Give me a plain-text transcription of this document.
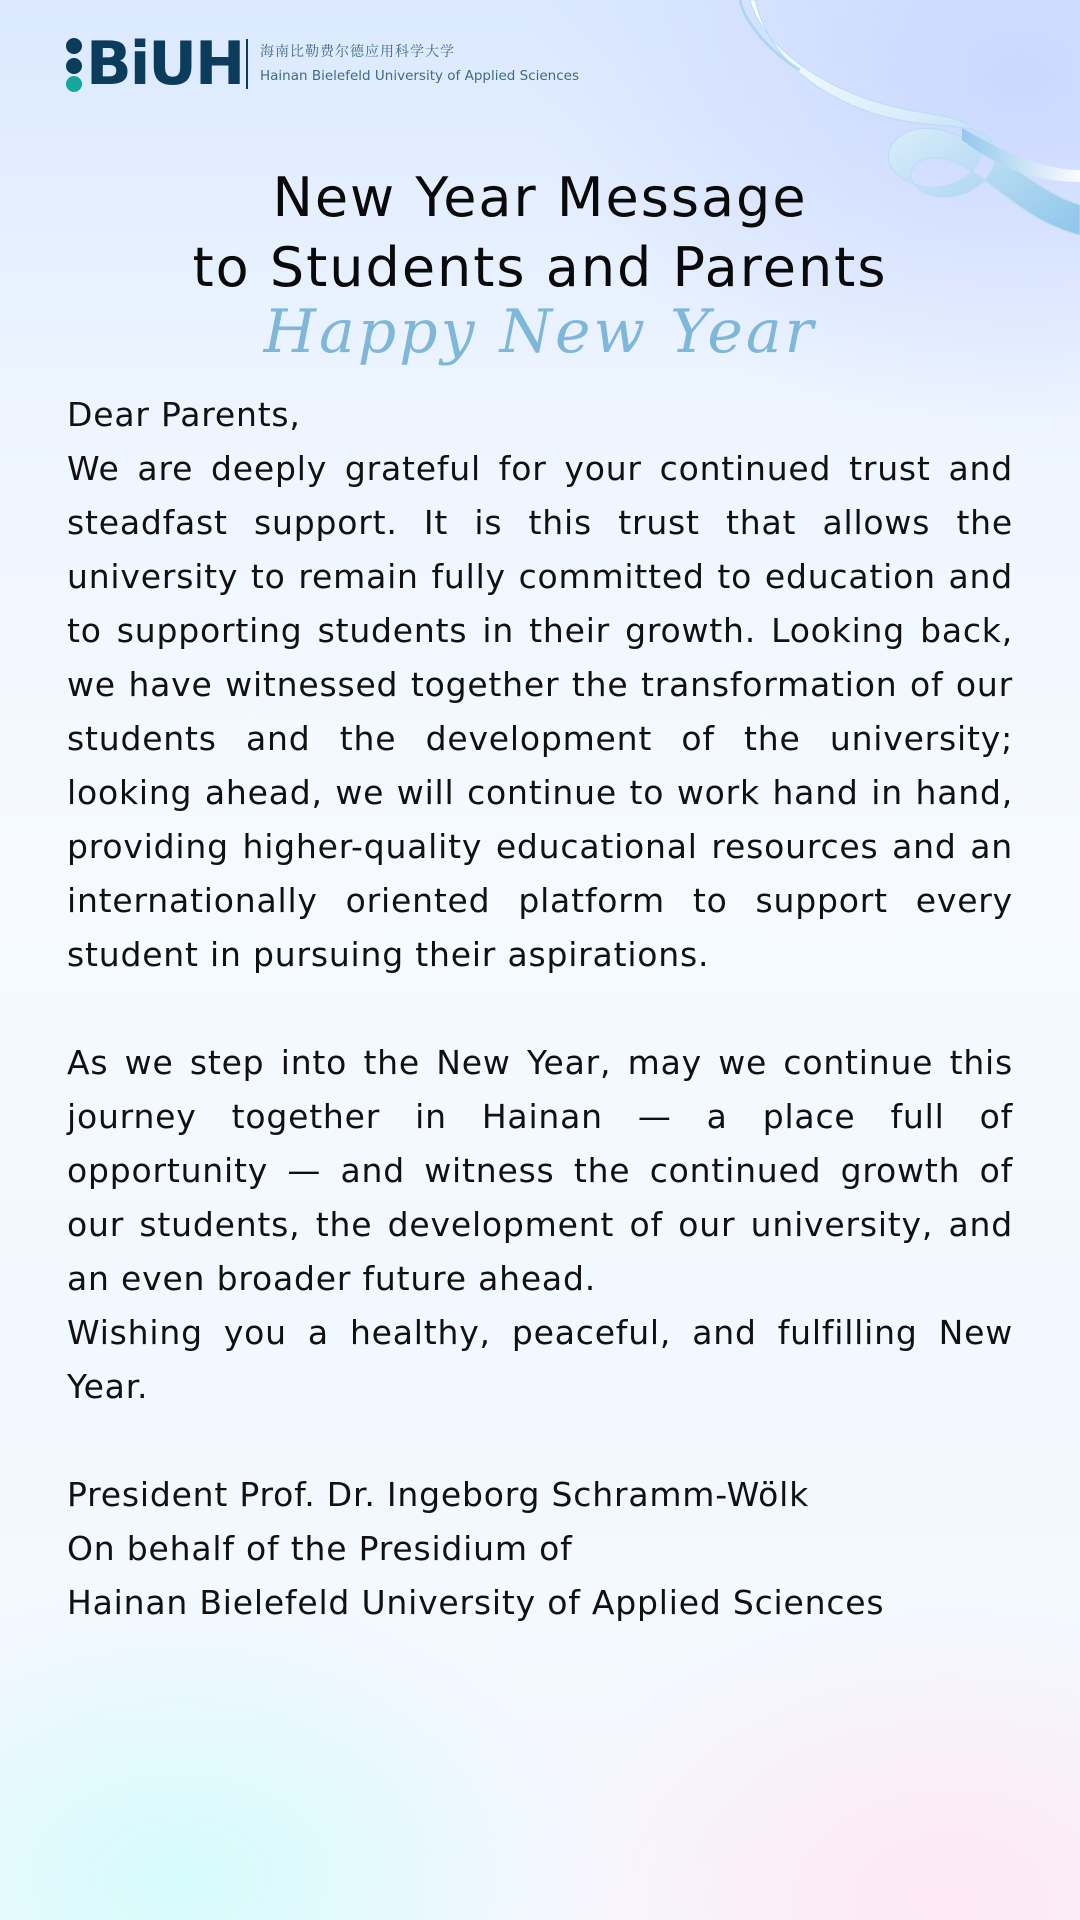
BiUH 海南比勒费尔德应用科学大学
Hainan Bielefeld University of Applied Sciences
New Year Message
to Students and Parents
Happy New Year

Dear Parents,

We are deeply grateful for your continued trust and steadfast support. It is this trust that allows the university to remain fully committed to education and to supporting students in their growth. Looking back, we have witnessed together the transformation of our students and the development of the university; looking ahead, we will continue to work hand in hand, providing higher-quality educational resources and an internationally oriented platform to support every student in pursuing their aspirations.

As we step into the New Year, may we continue this journey together in Hainan — a place full of opportunity — and witness the continued growth of our students, the development of our university, and an even broader future ahead.

Wishing you a healthy, peaceful, and fulfilling New Year.

President Prof. Dr. Ingeborg Schramm-Wölk

On behalf of the Presidium of

Hainan Bielefeld University of Applied Sciences
